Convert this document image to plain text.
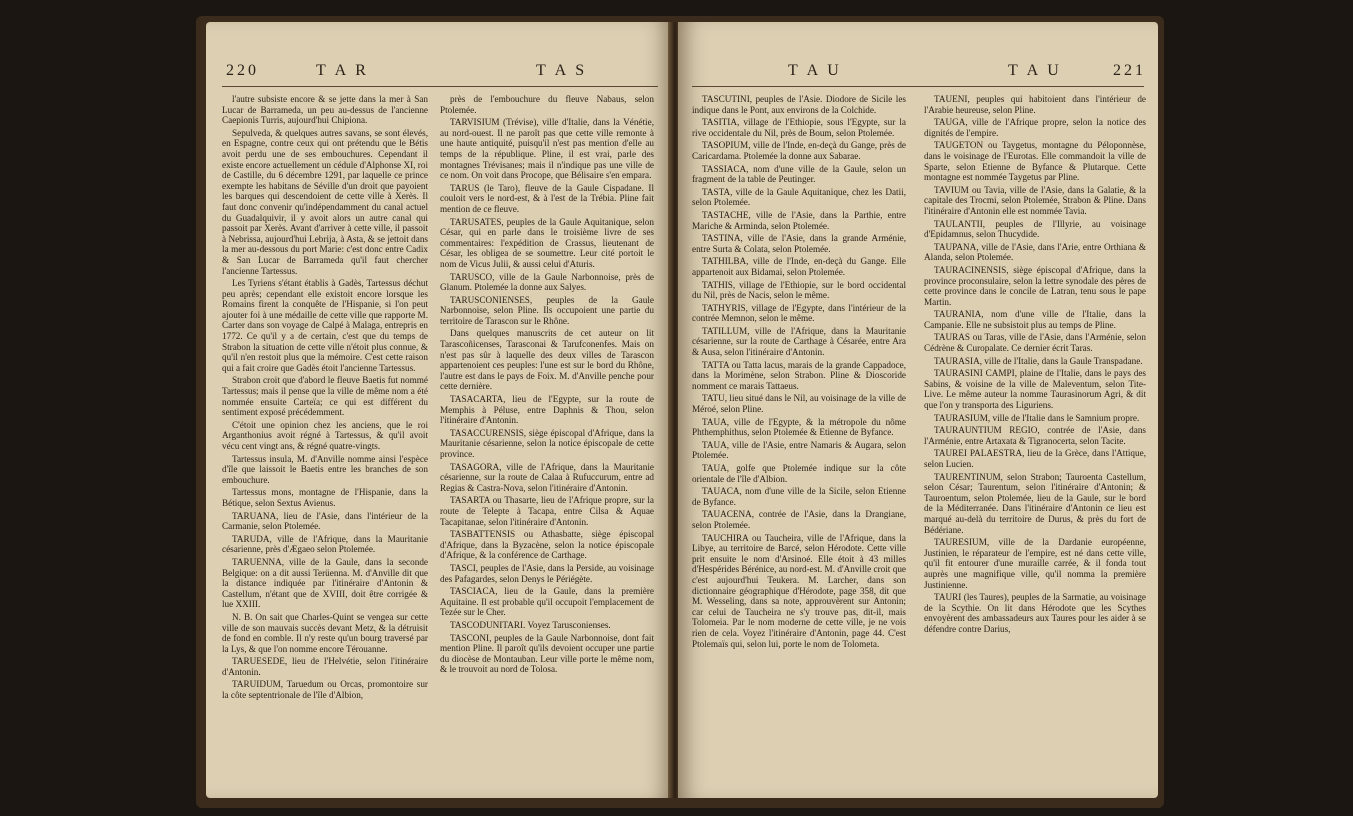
220	T A R	T A S

l'autre subsiste encore & se jette dans la mer à San Lucar de Barrameda, un peu au-dessus de l'ancienne Caepionis Turris, aujourd'hui Chipiona.

Sepulveda, & quelques autres savans, se sont élevés, en Espagne, contre ceux qui ont prétendu que le Bétis avoit perdu une de ses embouchures. Cependant il existe encore actuellement un cédule d'Alphonse XI, roi de Castille, du 6 décembre 1291, par laquelle ce prince exempte les habitans de Séville d'un droit que payoient les barques qui descendoient de cette ville à Xerès. Il faut donc convenir qu'indépendamment du canal actuel du Guadalquivir, il y avoit alors un autre canal qui passoit par Xerès. Avant d'arriver à cette ville, il passoit à Nebrissa, aujourd'hui Lebrija, à Asta, & se jettoit dans la mer au-dessous du port Marie: c'est donc entre Cadix & San Lucar de Barrameda qu'il faut chercher l'ancienne Tartessus.

Les Tyriens s'étant établis à Gadès, Tartessus déchut peu après; cependant elle existoit encore lorsque les Romains firent la conquête de l'Hispanie, si l'on peut ajouter foi à une médaille de cette ville que rapporte M. Carter dans son voyage de Calpé à Malaga, entrepris en 1772. Ce qu'il y a de certain, c'est que du temps de Strabon la situation de cette ville n'étoit plus connue, & qu'il n'en restoit plus que la mémoire. C'est cette raison qui a fait croire que Gadès étoit l'ancienne Tartessus.

Strabon croit que d'abord le fleuve Baetis fut nommé Tartessus; mais il pense que la ville de même nom a été nommée ensuite Carteïa; ce qui est différent du sentiment exposé précédemment.

C'étoit une opinion chez les anciens, que le roi Arganthonius avoit régné à Tartessus, & qu'il avoit vécu cent vingt ans, & régné quatre-vingts.

Tartessus insula, M. d'Anville nomme ainsi l'espèce d'île que laissoit le Baetis entre les branches de son embouchure.

Tartessus mons, montagne de l'Hispanie, dans la Bétique, selon Sextus Avienus.

TARUANA, lieu de l'Asie, dans l'intérieur de la Carmanie, selon Ptolemée.

TARUDA, ville de l'Afrique, dans la Mauritanie césarienne, près d'Ægaeo selon Ptolemée.

TARUENNA, ville de la Gaule, dans la seconde Belgique: on a dit aussi Terüenna. M. d'Anville dit que la distance indiquée par l'itinéraire d'Antonin & Castellum, n'étant que de XVIII, doit être corrigée & lue XXIII.

N. B. On sait que Charles-Quint se vengea sur cette ville de son mauvais succès devant Metz, & la détruisit de fond en comble. Il n'y reste qu'un bourg traversé par la Lys, & que l'on nomme encore Térouanne.

TARUESEDE, lieu de l'Helvétie, selon l'itinéraire d'Antonin.

TARUIDUM, Taruedum ou Orcas, promontoire sur la côte septentrionale de l'île d'Albion,

près de l'embouchure du fleuve Nabaus, selon Ptolemée.

TARVISIUM (Trévise), ville d'Italie, dans la Vénétie, au nord-ouest. Il ne paroît pas que cette ville remonte à une haute antiquité, puisqu'il n'est pas mention d'elle au temps de la république. Pline, il est vrai, parle des montagnes Trévisanes; mais il n'indique pas une ville de ce nom. On voit dans Procope, que Bélisaire s'en empara.

TARUS (le Taro), fleuve de la Gaule Cispadane. Il couloit vers le nord-est, & à l'est de la Trébia. Pline fait mention de ce fleuve.

TARUSATES, peuples de la Gaule Aquitanique, selon César, qui en parle dans le troisième livre de ses commentaires: l'expédition de Crassus, lieutenant de César, les obligea de se soumettre. Leur cité portoit le nom de Vicus Julii, & aussi celui d'Aturis.

TARUSCO, ville de la Gaule Narbonnoise, près de Glanum. Ptolemée la donne aux Salyes.

TARUSCONIENSES, peuples de la Gaule Narbonnoise, selon Pline. Ils occupoient une partie du territoire de Tarascon sur le Rhône.

Dans quelques manuscrits de cet auteur on lit Tarascoñicenses, Tarasconai & Tarufconenfes. Mais on n'est pas sûr à laquelle des deux villes de Tarascon appartenoient ces peuples: l'une est sur le bord du Rhône, l'autre est dans le pays de Foix. M. d'Anville penche pour cette dernière.

TASACARTA, lieu de l'Egypte, sur la route de Memphis à Péluse, entre Daphnis & Thou, selon l'itinéraire d'Antonin.

TASACCURENSIS, siège épiscopal d'Afrique, dans la Mauritanie césarienne, selon la notice épiscopale de cette province.

TASAGORA, ville de l'Afrique, dans la Mauritanie césarienne, sur la route de Calaa à Rufuccurum, entre ad Regias & Castra-Nova, selon l'itinéraire d'Antonin.

TASARTA ou Thasarte, lieu de l'Afrique propre, sur la route de Telepte à Tacapa, entre Cilsa & Aquae Tacapitanae, selon l'itinéraire d'Antonin.

TASBATTENSIS ou Athasbatte, siège épiscopal d'Afrique, dans la Byzacène, selon la notice épiscopale d'Afrique, & la conférence de Carthage.

TASCI, peuples de l'Asie, dans la Perside, au voisinage des Pafagardes, selon Denys le Périégète.

TASCIACA, lieu de la Gaule, dans la première Aquitaine. Il est probable qu'il occupoit l'emplacement de Tezée sur le Cher.

TASCODUNITARI. Voyez Tarusconienses.

TASCONI, peuples de la Gaule Narbonnoise, dont fait mention Pline. Il paroît qu'ils devoient occuper une partie du diocèse de Montauban. Leur ville porte le même nom, & le trouvoit au nord de Tolosa.

T A U	T A U	221

TASCUTINI, peuples de l'Asie. Diodore de Sicile les indique dans le Pont, aux environs de la Colchide.

TASITIA, village de l'Ethiopie, sous l'Egypte, sur la rive occidentale du Nil, près de Boum, selon Ptolemée.

TASOPIUM, ville de l'Inde, en-deçà du Gange, près de Caricardama. Ptolemée la donne aux Sabarae.

TASSIACA, nom d'une ville de la Gaule, selon un fragment de la table de Peutinger.

TASTA, ville de la Gaule Aquitanique, chez les Datii, selon Ptolemée.

TASTACHE, ville de l'Asie, dans la Parthie, entre Mariche & Arminda, selon Ptolemée.

TASTINA, ville de l'Asie, dans la grande Arménie, entre Surta & Colata, selon Ptolemée.

TATHILBA, ville de l'Inde, en-deçà du Gange. Elle appartenoit aux Bidamai, selon Ptolemée.

TATHIS, village de l'Ethiopie, sur le bord occidental du Nil, près de Nacis, selon le même.

TATHYRIS, village de l'Egypte, dans l'intérieur de la contrée Memnon, selon le même.

TATILLUM, ville de l'Afrique, dans la Mauritanie césarienne, sur la route de Carthage à Césarée, entre Ara & Ausa, selon l'itinéraire d'Antonin.

TATTA ou Tatta lacus, marais de la grande Cappadoce, dans la Morimène, selon Strabon. Pline & Dioscoride nomment ce marais Tattaeus.

TATU, lieu situé dans le Nil, au voisinage de la ville de Méroé, selon Pline.

TAUA, ville de l'Egypte, & la métropole du nôme Phthemphithus, selon Ptolemée & Etienne de Byfance.

TAUA, ville de l'Asie, entre Namaris & Augara, selon Ptolemée.

TAUA, golfe que Ptolemée indique sur la côte orientale de l'île d'Albion.

TAUACA, nom d'une ville de la Sicile, selon Etienne de Byfance.

TAUACENA, contrée de l'Asie, dans la Drangiane, selon Ptolemée.

TAUCHIRA ou Taucheira, ville de l'Afrique, dans la Libye, au territoire de Barcé, selon Hérodote. Cette ville prit ensuite le nom d'Arsinoé. Elle étoit à 43 milles d'Hespérides Bérénice, au nord-est. M. d'Anville croit que c'est aujourd'hui Teukera. M. Larcher, dans son dictionnaire géographique d'Hérodote, page 358, dit que M. Wesseling, dans sa note, approuvèrent sur Antonin; car celui de Taucheira ne s'y trouve pas, dit-il, mais Tolomeia. Par le nom moderne de cette ville, je ne vois rien de cela. Voyez l'itinéraire d'Antonin, page 44. C'est Ptolemaïs qui, selon lui, porte le nom de Tolometa.

TAUENI, peuples qui habitoient dans l'intérieur de l'Arabie heureuse, selon Pline.

TAUGA, ville de l'Afrique propre, selon la notice des dignités de l'empire.

TAUGETON ou Taygetus, montagne du Péloponnèse, dans le voisinage de l'Eurotas. Elle commandoit la ville de Sparte, selon Etienne de Byfance & Plutarque. Cette montagne est nommée Taygetus par Pline.

TAVIUM ou Tavia, ville de l'Asie, dans la Galatie, & la capitale des Trocmi, selon Ptolemée, Strabon & Pline. Dans l'itinéraire d'Antonin elle est nommée Tavia.

TAULANTII, peuples de l'Illyrie, au voisinage d'Epidamnus, selon Thucydide.

TAUPANA, ville de l'Asie, dans l'Arie, entre Orthiana & Alanda, selon Ptolemée.

TAURACINENSIS, siège épiscopal d'Afrique, dans la province proconsulaire, selon la lettre synodale des pères de cette province dans le concile de Latran, tenu sous le pape Martin.

TAURANIA, nom d'une ville de l'Italie, dans la Campanie. Elle ne subsistoit plus au temps de Pline.

TAURAS ou Taras, ville de l'Asie, dans l'Arménie, selon Cédrène & Curopalate. Ce dernier écrit Taras.

TAURASIA, ville de l'Italie, dans la Gaule Transpadane.

TAURASINI CAMPI, plaine de l'Italie, dans le pays des Sabins, & voisine de la ville de Maleventum, selon Tite-Live. Le même auteur la nomme Taurasinorum Agri, & dit que l'on y transporta des Liguriens.

TAURASIUM, ville de l'Italie dans le Samnium propre.

TAURAUNTIUM REGIO, contrée de l'Asie, dans l'Arménie, entre Artaxata & Tigranocerta, selon Tacite.

TAUREI PALAESTRA, lieu de la Grèce, dans l'Attique, selon Lucien.

TAURENTINUM, selon Strabon; Tauroenta Castellum, selon César; Taurentum, selon l'itinéraire d'Antonin; & Tauroentum, selon Ptolemée, lieu de la Gaule, sur le bord de la Méditerranée. Dans l'itinéraire d'Antonin ce lieu est marqué au-delà du territoire de Durus, & près du fort de Bédériane.

TAURESIUM, ville de la Dardanie européenne, Justinien, le réparateur de l'empire, est né dans cette ville, qu'il fit entourer d'une muraille carrée, & il fonda tout auprès une magnifique ville, qu'il nomma la première Justinienne.

TAURI (les Taures), peuples de la Sarmatie, au voisinage de la Scythie. On lit dans Hérodote que les Scythes envoyèrent des ambassadeurs aux Taures pour les aider à se défendre contre Darius,
